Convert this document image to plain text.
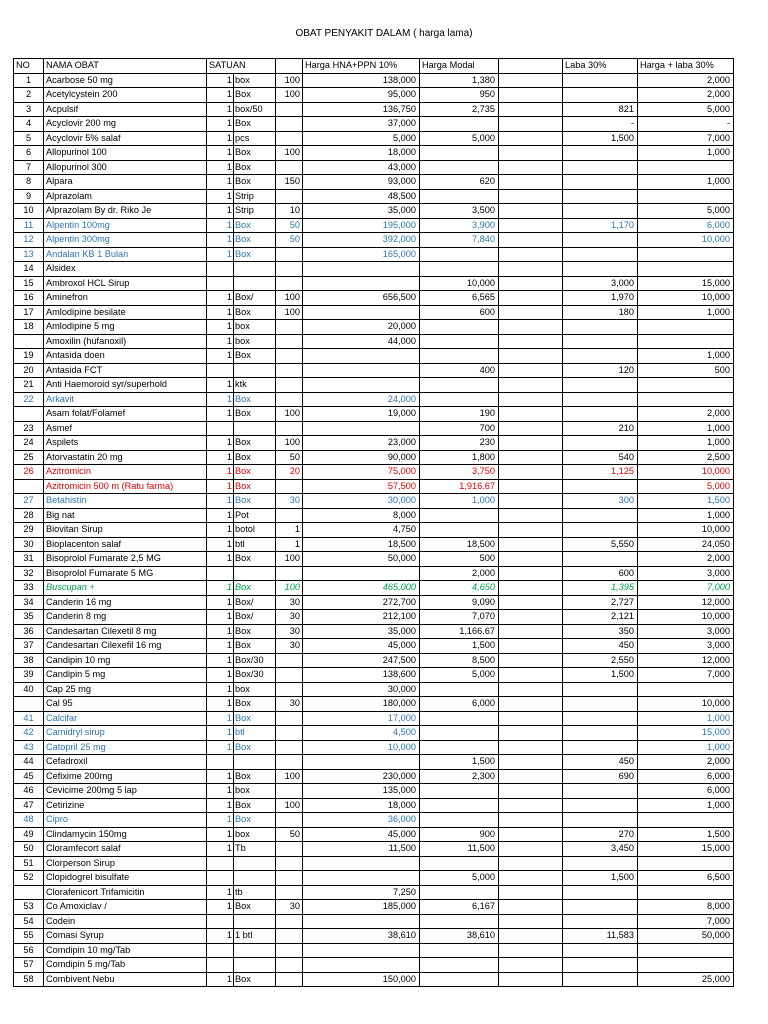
OBAT PENYAKIT DALAM ( harga lama)
NO	NAMA OBAT	SATUAN			Harga HNA+PPN 10%	Harga Modal		Laba 30%	Harga + laba 30%
1	Acarbose 50 mg	1	box	100	138,000	1,380			2,000
2	Acetylcystein 200	1	Box	100	95,000	950			2,000
3	Acpulsif	1	box/50		136,750	2,735		821	5,000
4	Acyclovir 200 mg	1	Box		37,000			-	-
5	Acyclovir 5% salaf	1	pcs		5,000	5,000		1,500	7,000
6	Allopurinol 100	1	Box	100	18,000				1,000
7	Allopurinol 300	1	Box		43,000				
8	Alpara	1	Box	150	93,000	620			1,000
9	Alprazolam	1	Strip		48,500				
10	Alprazolam By dr. Riko Je	1	Strip	10	35,000	3,500			5,000
11	Alpentin 100mg	1	Box	50	195,000	3,900		1,170	6,000
12	Alpentin 300mg	1	Box	50	392,000	7,840			10,000
13	Andalan KB 1 Bulan	1	Box		165,000				
14	Alsidex								
15	Ambroxol HCL Sirup					10,000		3,000	15,000
16	Aminefron	1	Box/	100	656,500	6,565		1,970	10,000
17	Amlodipine besilate	1	Box	100		600		180	1,000
18	Amlodipine 5 mg	1	box		20,000				
	Amoxilin (hufanoxil)	1	box		44,000				
19	Antasida doen	1	Box						1,000
20	Antasida FCT					400		120	500
21	Anti Haemoroid syr/superhold	1	ktk						
22	Arkavit	1	Box		24,000				
	Asam folat/Folamef	1	Box	100	19,000	190			2,000
23	Asmef					700		210	1,000
24	Aspilets	1	Box	100	23,000	230			1,000
25	Atorvastatin 20 mg	1	Box	50	90,000	1,800		540	2,500
26	Azitromicin	1	Box	20	75,000	3,750		1,125	10,000
	Azitromicin 500 m (Ratu farma)	1	Box		57,500	1,916.67			5,000
27	Betahistin	1	Box	30	30,000	1,000		300	1,500
28	Big nat	1	Pot		8,000				1,000
29	Biovitan Sirup	1	botol	1	4,750				10,000
30	Bioplacenton salaf	1	btl	1	18,500	18,500		5,550	24,050
31	Bisoprolol Fumarate 2,5 MG	1	Box	100	50,000	500			2,000
32	Bisoprolol Fumarate 5 MG					2,000		600	3,000
33	Buscupan +	1	Box	100	465,000	4,650		1,395	7,000
34	Canderin 16 mg	1	Box/	30	272,700	9,090		2,727	12,000
35	Canderin 8 mg	1	Box/	30	212,100	7,070		2,121	10,000
36	Candesartan Cilexetil 8 mg	1	Box	30	35,000	1,166.67		350	3,000
37	Candesartan Cilexefil 16 mg	1	Box	30	45,000	1,500		450	3,000
38	Candipin 10 mg	1	Box/30		247,500	8,500		2,550	12,000
39	Candipin 5 mg	1	Box/30		138,600	5,000		1,500	7,000
40	Cap 25 mg	1	box		30,000				
	Cal 95	1	Box	30	180,000	6,000			10,000
41	Calcifar	1	Box		17,000				1,000
42	Camidryl sirup	1	btl		4,500				15,000
43	Catopril 25 mg	1	Box		10,000				1,000
44	Cefadroxil					1,500		450	2,000
45	Cefixime 200mg	1	Box	100	230,000	2,300		690	6,000
46	Cevicime 200mg 5 lap	1	box		135,000				6,000
47	Cetirizine	1	Box	100	18,000				1,000
48	Cipro	1	Box		36,000				
49	Clindamycin 150mg	1	box	50	45,000	900		270	1,500
50	Cloramfecort salaf	1	Tb		11,500	11,500		3,450	15,000
51	Clorperson Sirup								
52	Clopidogrel bisulfate					5,000		1,500	6,500
	Clorafenicort Trifamicitin	1	tb		7,250				
53	Co Amoxiclav /	1	Box	30	185,000	6,167			8,000
54	Codein								7,000
55	Comasi Syrup	1	1 btl		38,610	38,610		11,583	50,000
56	Comdipin 10 mg/Tab								
57	Comdipin 5 mg/Tab								
58	Combivent Nebu	1	Box		150,000				25,000
